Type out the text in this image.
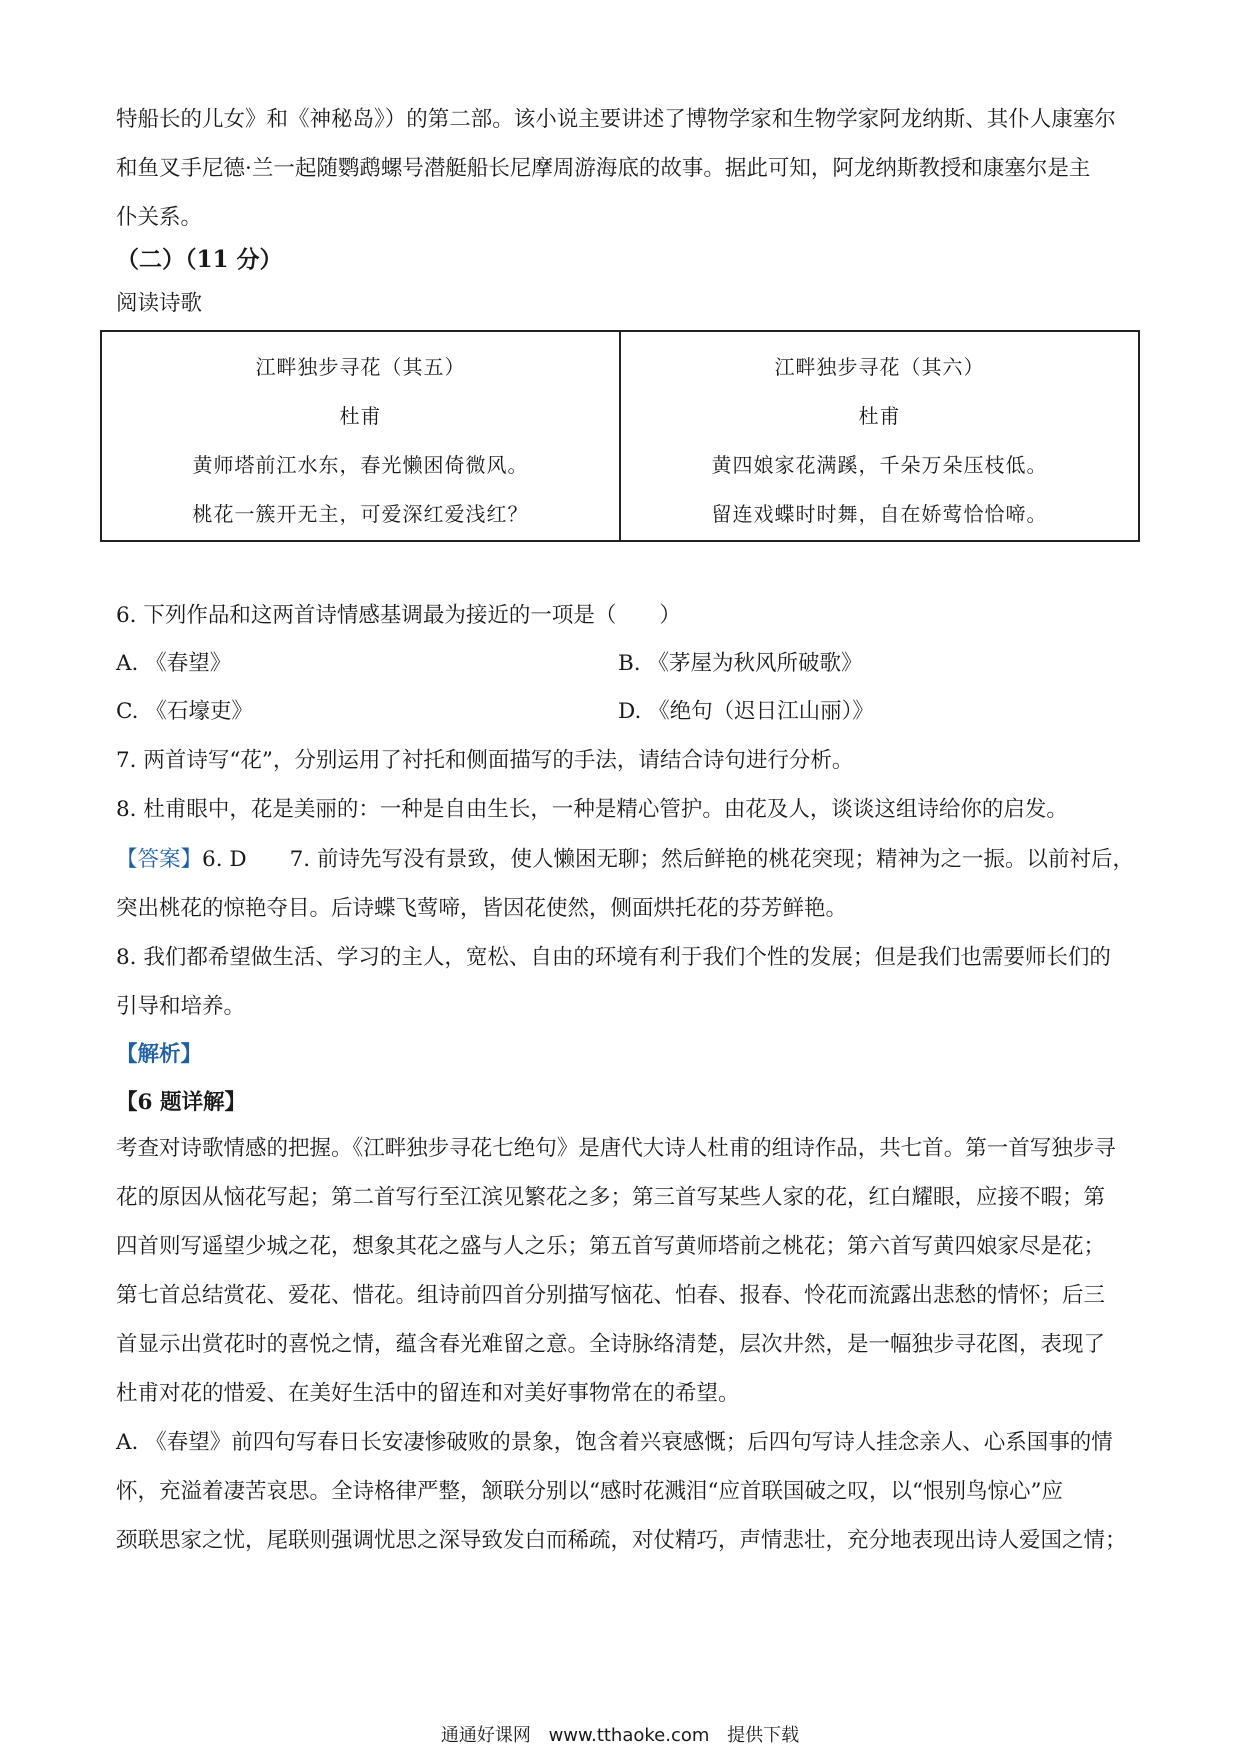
特船长的儿女》和《神秘岛》）的第二部。该小说主要讲述了博物学家和生物学家阿龙纳斯、其仆人康塞尔
和鱼叉手尼德·兰一起随鹦鹉螺号潜艇船长尼摩周游海底的故事。据此可知，阿龙纳斯教授和康塞尔是主
仆关系。
（二）（11 分）
阅读诗歌
江畔独步寻花（其五）
杜甫
黄师塔前江水东，春光懒困倚微风。
桃花一簇开无主，可爱深红爱浅红？
江畔独步寻花（其六）
杜甫
黄四娘家花满蹊，千朵万朵压枝低。
留连戏蝶时时舞，自在娇莺恰恰啼。
6. 下列作品和这两首诗情感基调最为接近的一项是（　　）
A. 《春望》	B. 《茅屋为秋风所破歌》
C. 《石壕吏》	D. 《绝句（迟日江山丽）》
7. 两首诗写“花”，分别运用了衬托和侧面描写的手法，请结合诗句进行分析。
8. 杜甫眼中，花是美丽的：一种是自由生长，一种是精心管护。由花及人，谈谈这组诗给你的启发。
【答案】6. D　　7. 前诗先写没有景致，使人懒困无聊；然后鲜艳的桃花突现；精神为之一振。以前衬后，
突出桃花的惊艳夺目。后诗蝶飞莺啼，皆因花使然，侧面烘托花的芬芳鲜艳。
8. 我们都希望做生活、学习的主人，宽松、自由的环境有利于我们个性的发展；但是我们也需要师长们的
引导和培养。
【解析】
【6 题详解】
考查对诗歌情感的把握。《江畔独步寻花七绝句》是唐代大诗人杜甫的组诗作品，共七首。第一首写独步寻
花的原因从恼花写起；第二首写行至江滨见繁花之多；第三首写某些人家的花，红白耀眼，应接不暇；第
四首则写遥望少城之花，想象其花之盛与人之乐；第五首写黄师塔前之桃花；第六首写黄四娘家尽是花；
第七首总结赏花、爱花、惜花。组诗前四首分别描写恼花、怕春、报春、怜花而流露出悲愁的情怀；后三
首显示出赏花时的喜悦之情，蕴含春光难留之意。全诗脉络清楚，层次井然，是一幅独步寻花图，表现了
杜甫对花的惜爱、在美好生活中的留连和对美好事物常在的希望。
A. 《春望》前四句写春日长安凄惨破败的景象，饱含着兴衰感慨；后四句写诗人挂念亲人、心系国事的情
怀，充溢着凄苦哀思。全诗格律严整，颔联分别以“感时花溅泪“应首联国破之叹，以“恨别鸟惊心”应
颈联思家之忧，尾联则强调忧思之深导致发白而稀疏，对仗精巧，声情悲壮，充分地表现出诗人爱国之情；
通通好课网 www.tthaoke.com 提供下载
